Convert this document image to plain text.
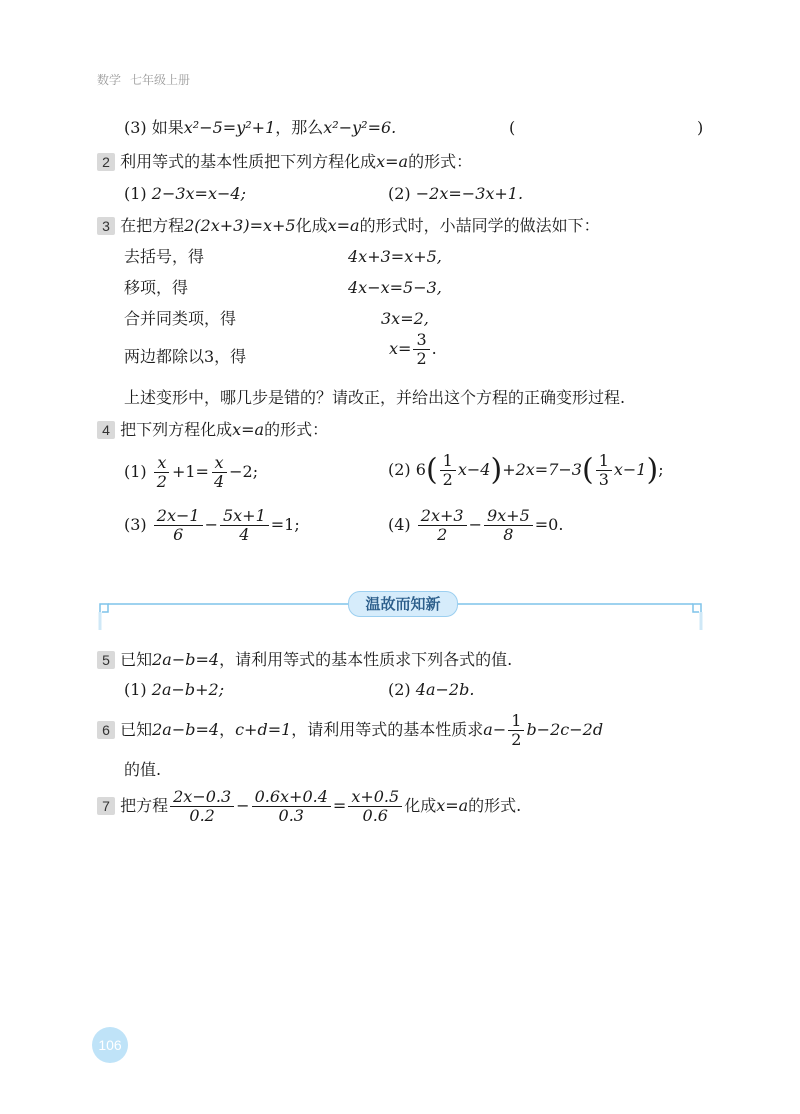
数学 七年级上册
(3) 如果x²−5=y²+1，那么x²−y²=6.	(	)
2 利用等式的基本性质把下列方程化成x=a的形式：
(1) 2−3x=x−4;	(2) −2x=−3x+1.
3 在把方程2(2x+3)=x+5化成x=a的形式时，小喆同学的做法如下：
去括号，得	4x+3=x+5,
移项，得	4x−x=5−3,
合并同类项，得	3x=2,
两边都除以3，得	$x= \frac{3}{2}$ .
上述变形中，哪几步是错的？请改正，并给出这个方程的正确变形过程.
4 把下列方程化成x=a的形式：
$(1) \frac{x}{2} +1= \frac{x}{4} -2$;	(2) $6( \frac{1}{2} x-4)+2x=7-3( \frac{1}{3} x-1)$;
$(3) \frac{2x-1}{6} - \frac{5x+1}{4} =1$;	$(4) \frac{2x+3}{2} - \frac{9x+5}{8} =0$.
温故而知新
5 已知2a−b=4，请利用等式的基本性质求下列各式的值.
(1) 2a−b+2;	(2) 4a−2b.
6 已知2a−b=4，c+d=1，请利用等式的基本性质求$a- \frac{1}{2} b-2c-2d$
的值.
7 把方程 $\frac{2x-0.3}{0.2} - \frac{0.6x+0.4}{0.3} = \frac{x+0.5}{0.6}$ 化成x=a的形式.
106
